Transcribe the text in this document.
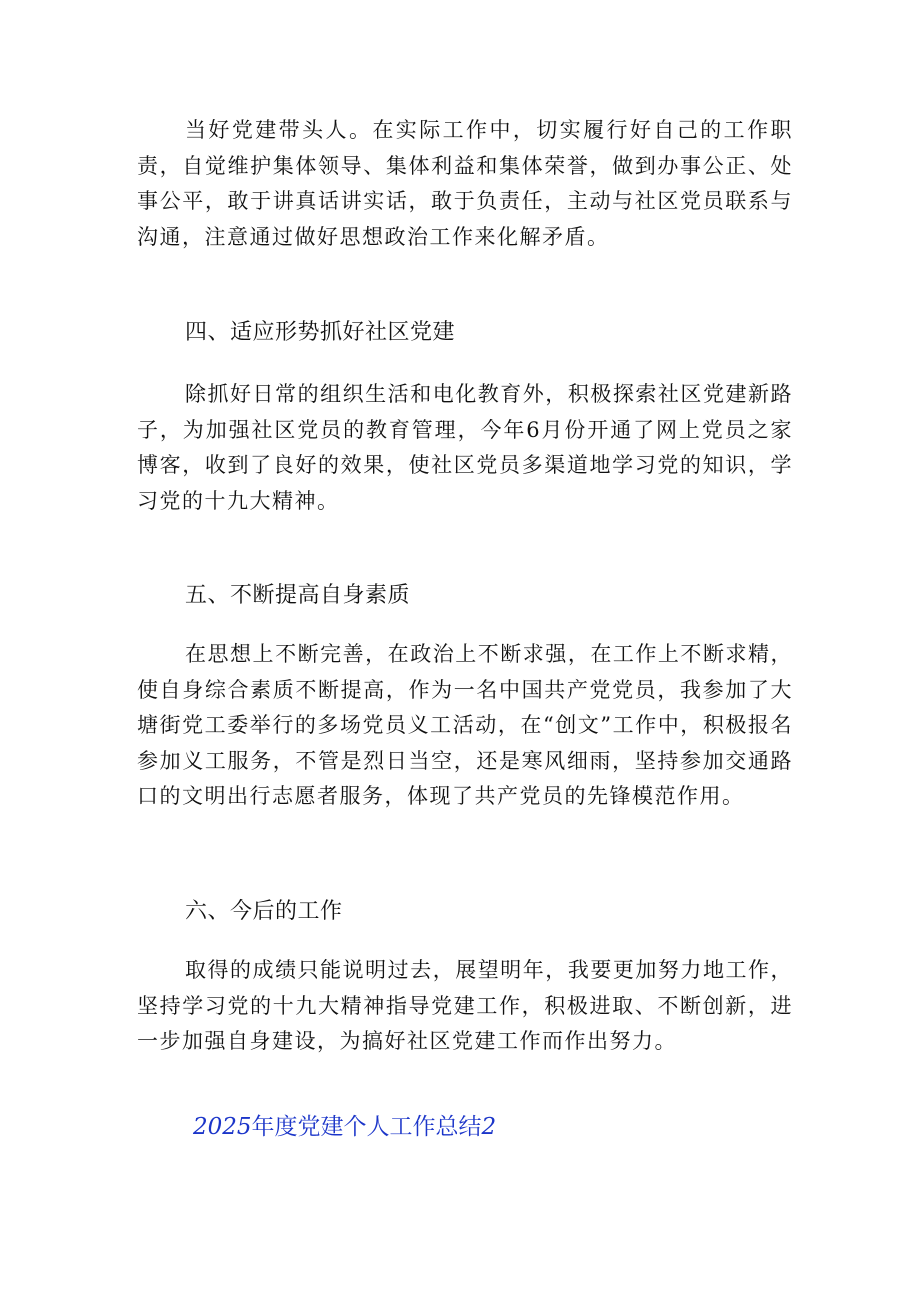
当好党建带头人。在实际工作中，切实履行好自己的工作职责，自觉维护集体领导、集体利益和集体荣誉，做到办事公正、处事公平，敢于讲真话讲实话，敢于负责任，主动与社区党员联系与沟通，注意通过做好思想政治工作来化解矛盾。

四、适应形势抓好社区党建

除抓好日常的组织生活和电化教育外，积极探索社区党建新路子，为加强社区党员的教育管理，今年6月份开通了网上党员之家博客，收到了良好的效果，使社区党员多渠道地学习党的知识，学习党的十九大精神。

五、不断提高自身素质

在思想上不断完善，在政治上不断求强，在工作上不断求精，使自身综合素质不断提高，作为一名中国共产党党员，我参加了大塘街党工委举行的多场党员义工活动，在“创文”工作中，积极报名参加义工服务，不管是烈日当空，还是寒风细雨，坚持参加交通路口的文明出行志愿者服务，体现了共产党员的先锋模范作用。

六、今后的工作

取得的成绩只能说明过去，展望明年，我要更加努力地工作，坚持学习党的十九大精神指导党建工作，积极进取、不断创新，进一步加强自身建设，为搞好社区党建工作而作出努力。

2025年度党建个人工作总结2
